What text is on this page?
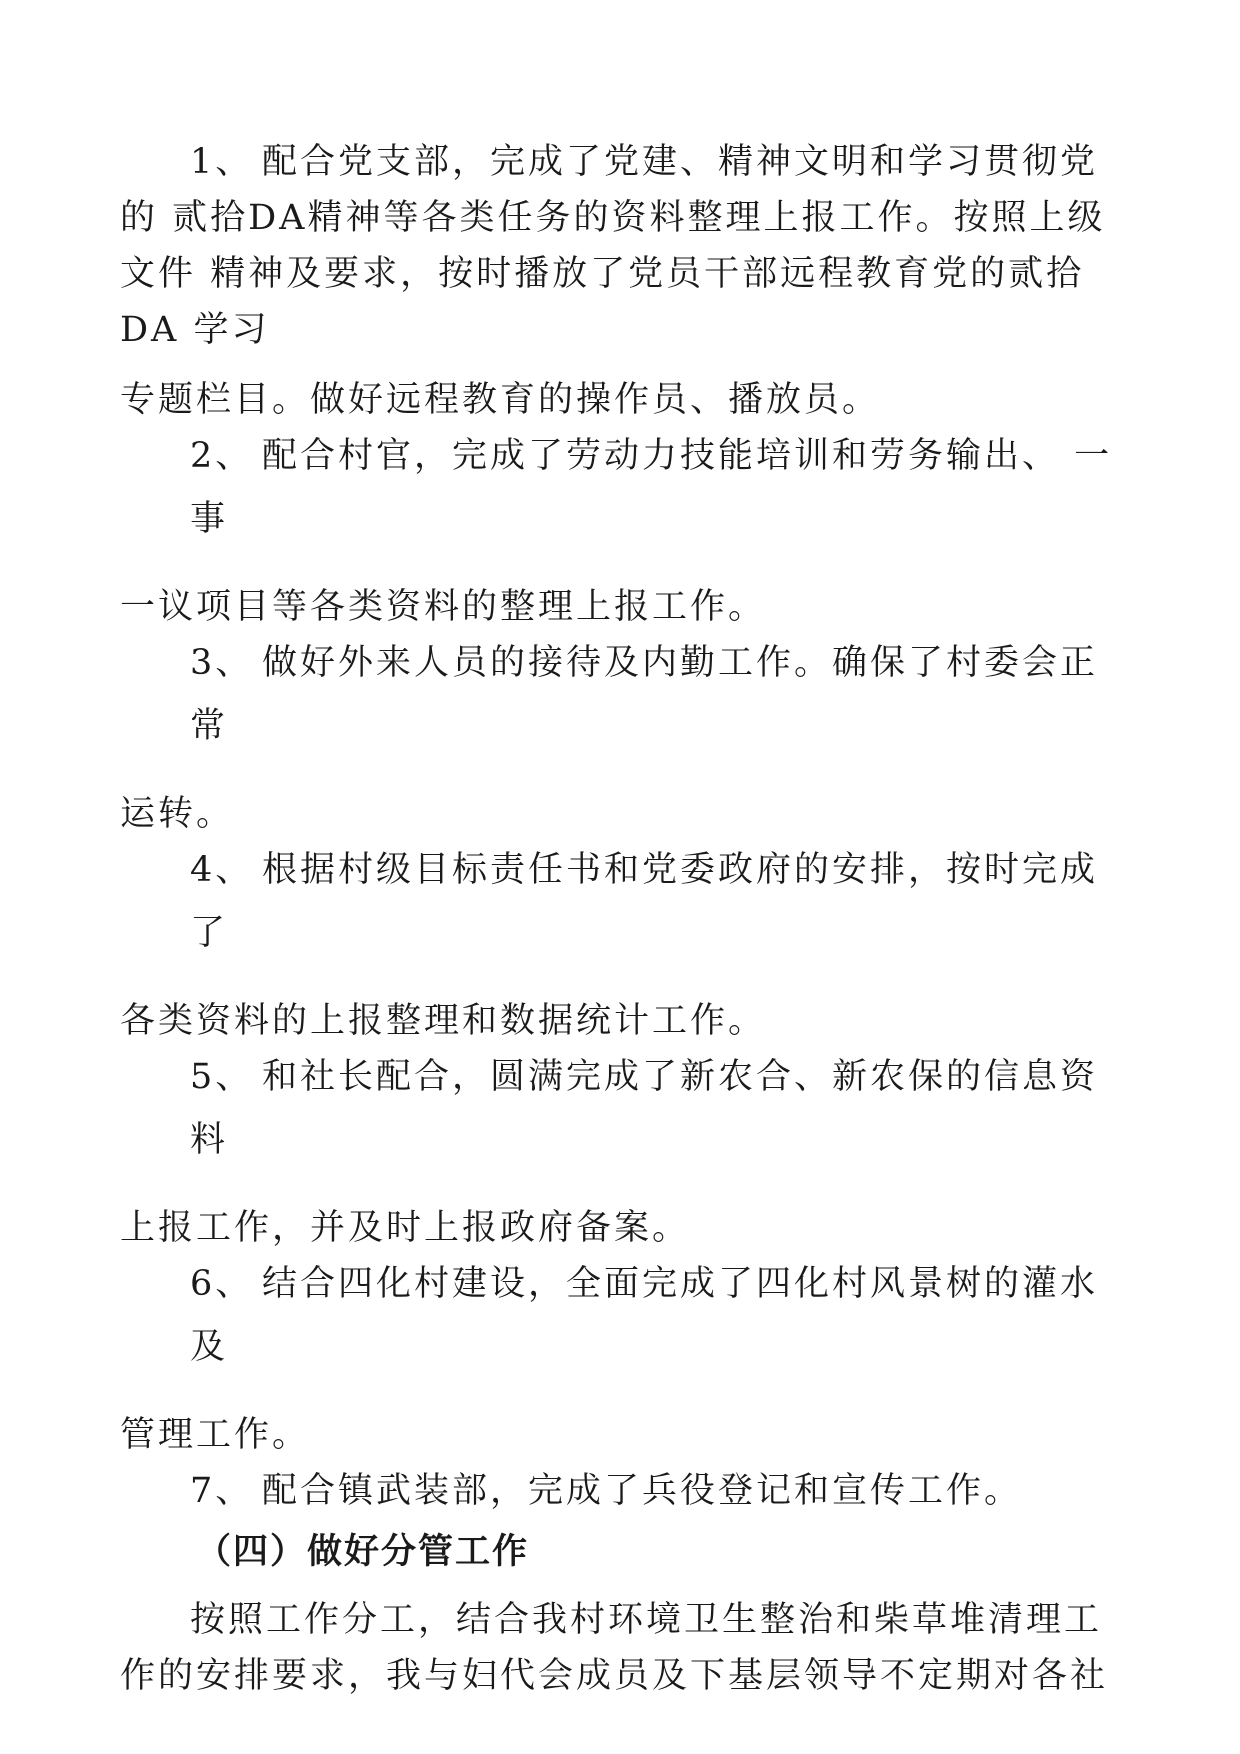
1、 配合党支部，完成了党建、精神文明和学习贯彻党
的 贰拾DA精神等各类任务的资料整理上报工作。按照上级
文件 精神及要求，按时播放了党员干部远程教育党的贰拾
DA 学习
专题栏目。做好远程教育的操作员、播放员。
2、 配合村官，完成了劳动力技能培训和劳务输出、 一
事
一议项目等各类资料的整理上报工作。
3、 做好外来人员的接待及内勤工作。确保了村委会正
常
运转。
4、 根据村级目标责任书和党委政府的安排，按时完成
了
各类资料的上报整理和数据统计工作。
5、 和社长配合，圆满完成了新农合、新农保的信息资
料
上报工作，并及时上报政府备案。
6、 结合四化村建设，全面完成了四化村风景树的灌水
及
管理工作。
7、 配合镇武装部，完成了兵役登记和宣传工作。
（四）做好分管工作
按照工作分工，结合我村环境卫生整治和柴草堆清理工
作的安排要求，我与妇代会成员及下基层领导不定期对各社
